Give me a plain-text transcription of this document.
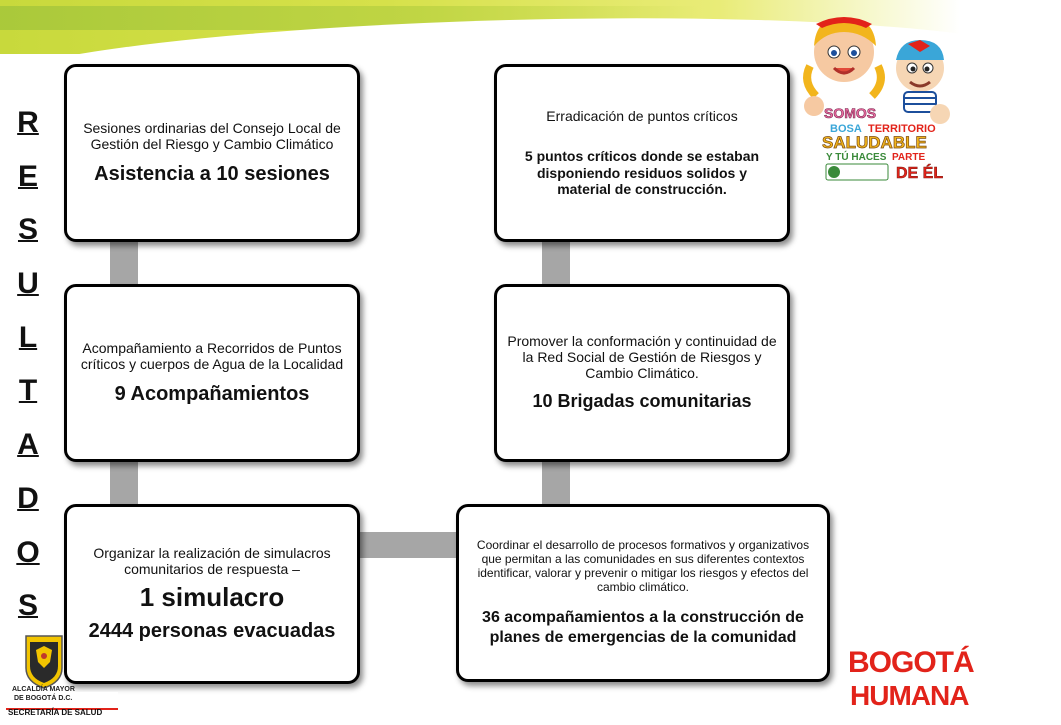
R
E
S
U
L
T
A
D
O
S
Sesiones ordinarias del Consejo Local de Gestión del Riesgo y Cambio Climático
Asistencia a 10 sesiones
Acompañamiento a Recorridos de Puntos críticos y cuerpos de Agua de la Localidad
9 Acompañamientos
Organizar la realización de simulacros comunitarios de respuesta –
1 simulacro
2444 personas evacuadas
Erradicación de puntos críticos
5 puntos críticos donde se estaban disponiendo residuos solidos y material de construcción.
Promover la conformación y continuidad de la Red Social de Gestión de Riesgos y Cambio Climático.
10 Brigadas comunitarias
Coordinar el desarrollo de procesos formativos y organizativos que permitan a las comunidades en sus diferentes contextos identificar, valorar y prevenir o mitigar los riesgos y efectos del cambio climático.
36 acompañamientos a la construcción de planes de emergencias de la comunidad
SOMOS
BOSA TERRITORIO
SALUDABLE
Y TÚ HACES PARTE
DE ÉL
ALCALDÍA MAYOR
DE BOGOTÁ D.C.
SECRETARÍA DE SALUD
BOGOTÁ
HUMANA
